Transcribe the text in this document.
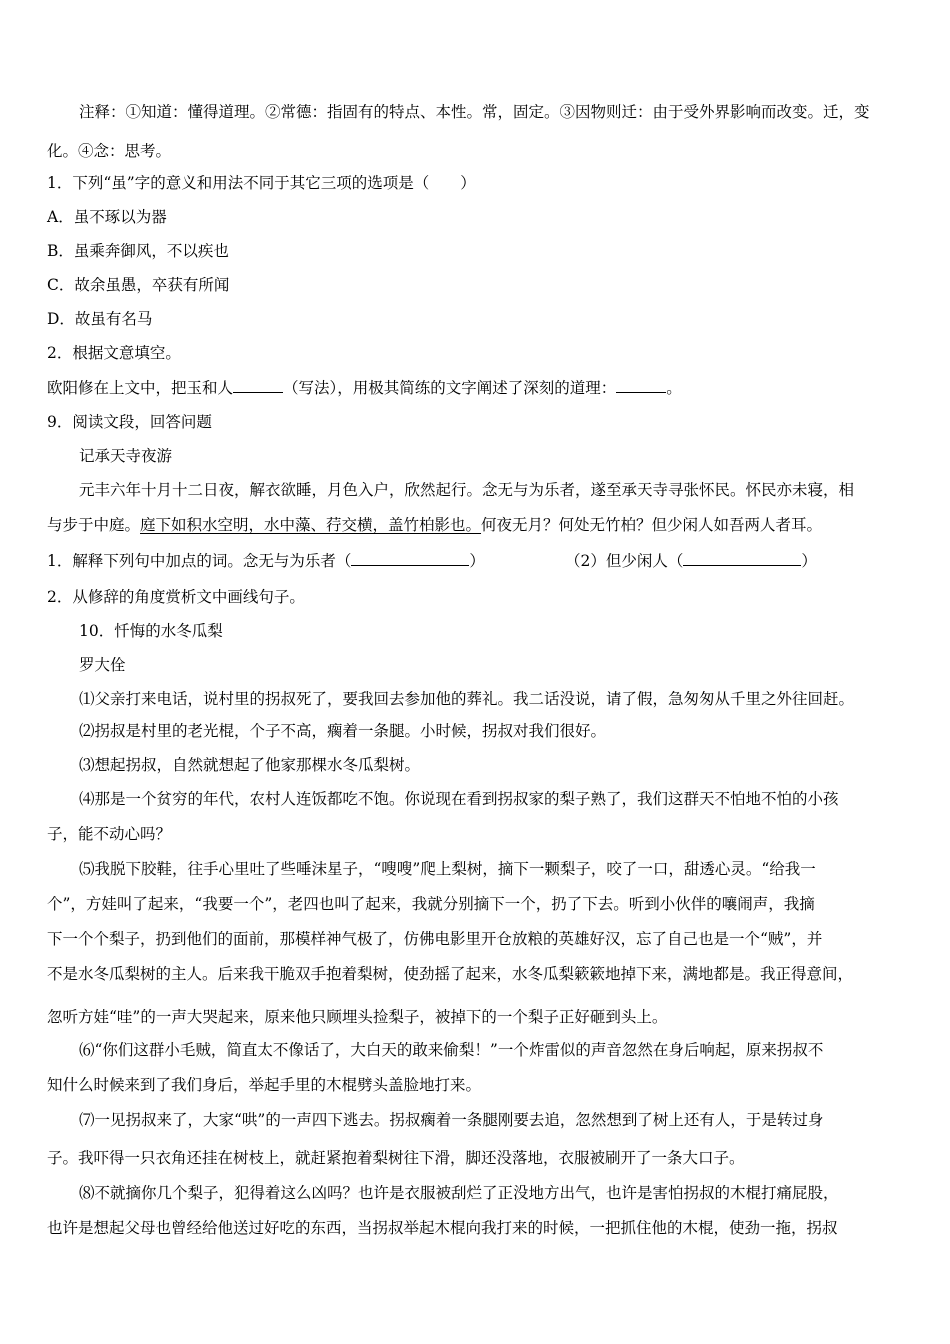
注释：①知道：懂得道理。②常德：指固有的特点、本性。常，固定。③因物则迁：由于受外界影响而改变。迁，变
化。④念：思考。
1．下列“虽”字的意义和用法不同于其它三项的选项是（　　）
A．虽不琢以为器
B．虽乘奔御风，不以疾也
C．故余虽愚，卒获有所闻
D．故虽有名马
2．根据文意填空。
欧阳修在上文中，把玉和人	（写法），用极其简练的文字阐述了深刻的道理：	。
9．阅读文段，回答问题
记承天寺夜游
元丰六年十月十二日夜，解衣欲睡，月色入户，欣然起行。念无与为乐者，遂至承天寺寻张怀民。怀民亦未寝，相
与步于中庭。庭下如积水空明，水中藻、荇交横，盖竹柏影也。何夜无月？何处无竹柏？但少闲人如吾两人者耳。
1．解释下列句中加点的词。念无与为乐者（	）	（2）但少闲人（	）
2．从修辞的角度赏析文中画线句子。
10．忏悔的水冬瓜梨
罗大佺
⑴父亲打来电话，说村里的拐叔死了，要我回去参加他的葬礼。我二话没说，请了假，急匆匆从千里之外往回赶。
⑵拐叔是村里的老光棍，个子不高，瘸着一条腿。小时候，拐叔对我们很好。
⑶想起拐叔，自然就想起了他家那棵水冬瓜梨树。
⑷那是一个贫穷的年代，农村人连饭都吃不饱。你说现在看到拐叔家的梨子熟了，我们这群天不怕地不怕的小孩
子，能不动心吗？
⑸我脱下胶鞋，往手心里吐了些唾沫星子，“嗖嗖”爬上梨树，摘下一颗梨子，咬了一口，甜透心灵。“给我一
个”，方娃叫了起来，“我要一个”，老四也叫了起来，我就分别摘下一个，扔了下去。听到小伙伴的嚷闹声，我摘
下一个个梨子，扔到他们的面前，那模样神气极了，仿佛电影里开仓放粮的英雄好汉，忘了自己也是一个“贼”，并
不是水冬瓜梨树的主人。后来我干脆双手抱着梨树，使劲摇了起来，水冬瓜梨簌簌地掉下来，满地都是。我正得意间，
忽听方娃“哇”的一声大哭起来，原来他只顾埋头捡梨子，被掉下的一个梨子正好砸到头上。
⑹“你们这群小毛贼，简直太不像话了，大白天的敢来偷梨！”一个炸雷似的声音忽然在身后响起，原来拐叔不
知什么时候来到了我们身后，举起手里的木棍劈头盖脸地打来。
⑺一见拐叔来了，大家“哄”的一声四下逃去。拐叔瘸着一条腿刚要去追，忽然想到了树上还有人，于是转过身
子。我吓得一只衣角还挂在树枝上，就赶紧抱着梨树往下滑，脚还没落地，衣服被刷开了一条大口子。
⑻不就摘你几个梨子，犯得着这么凶吗？也许是衣服被刮烂了正没地方出气，也许是害怕拐叔的木棍打痛屁股，
也许是想起父母也曾经给他送过好吃的东西，当拐叔举起木棍向我打来的时候，一把抓住他的木棍，使劲一拖，拐叔
